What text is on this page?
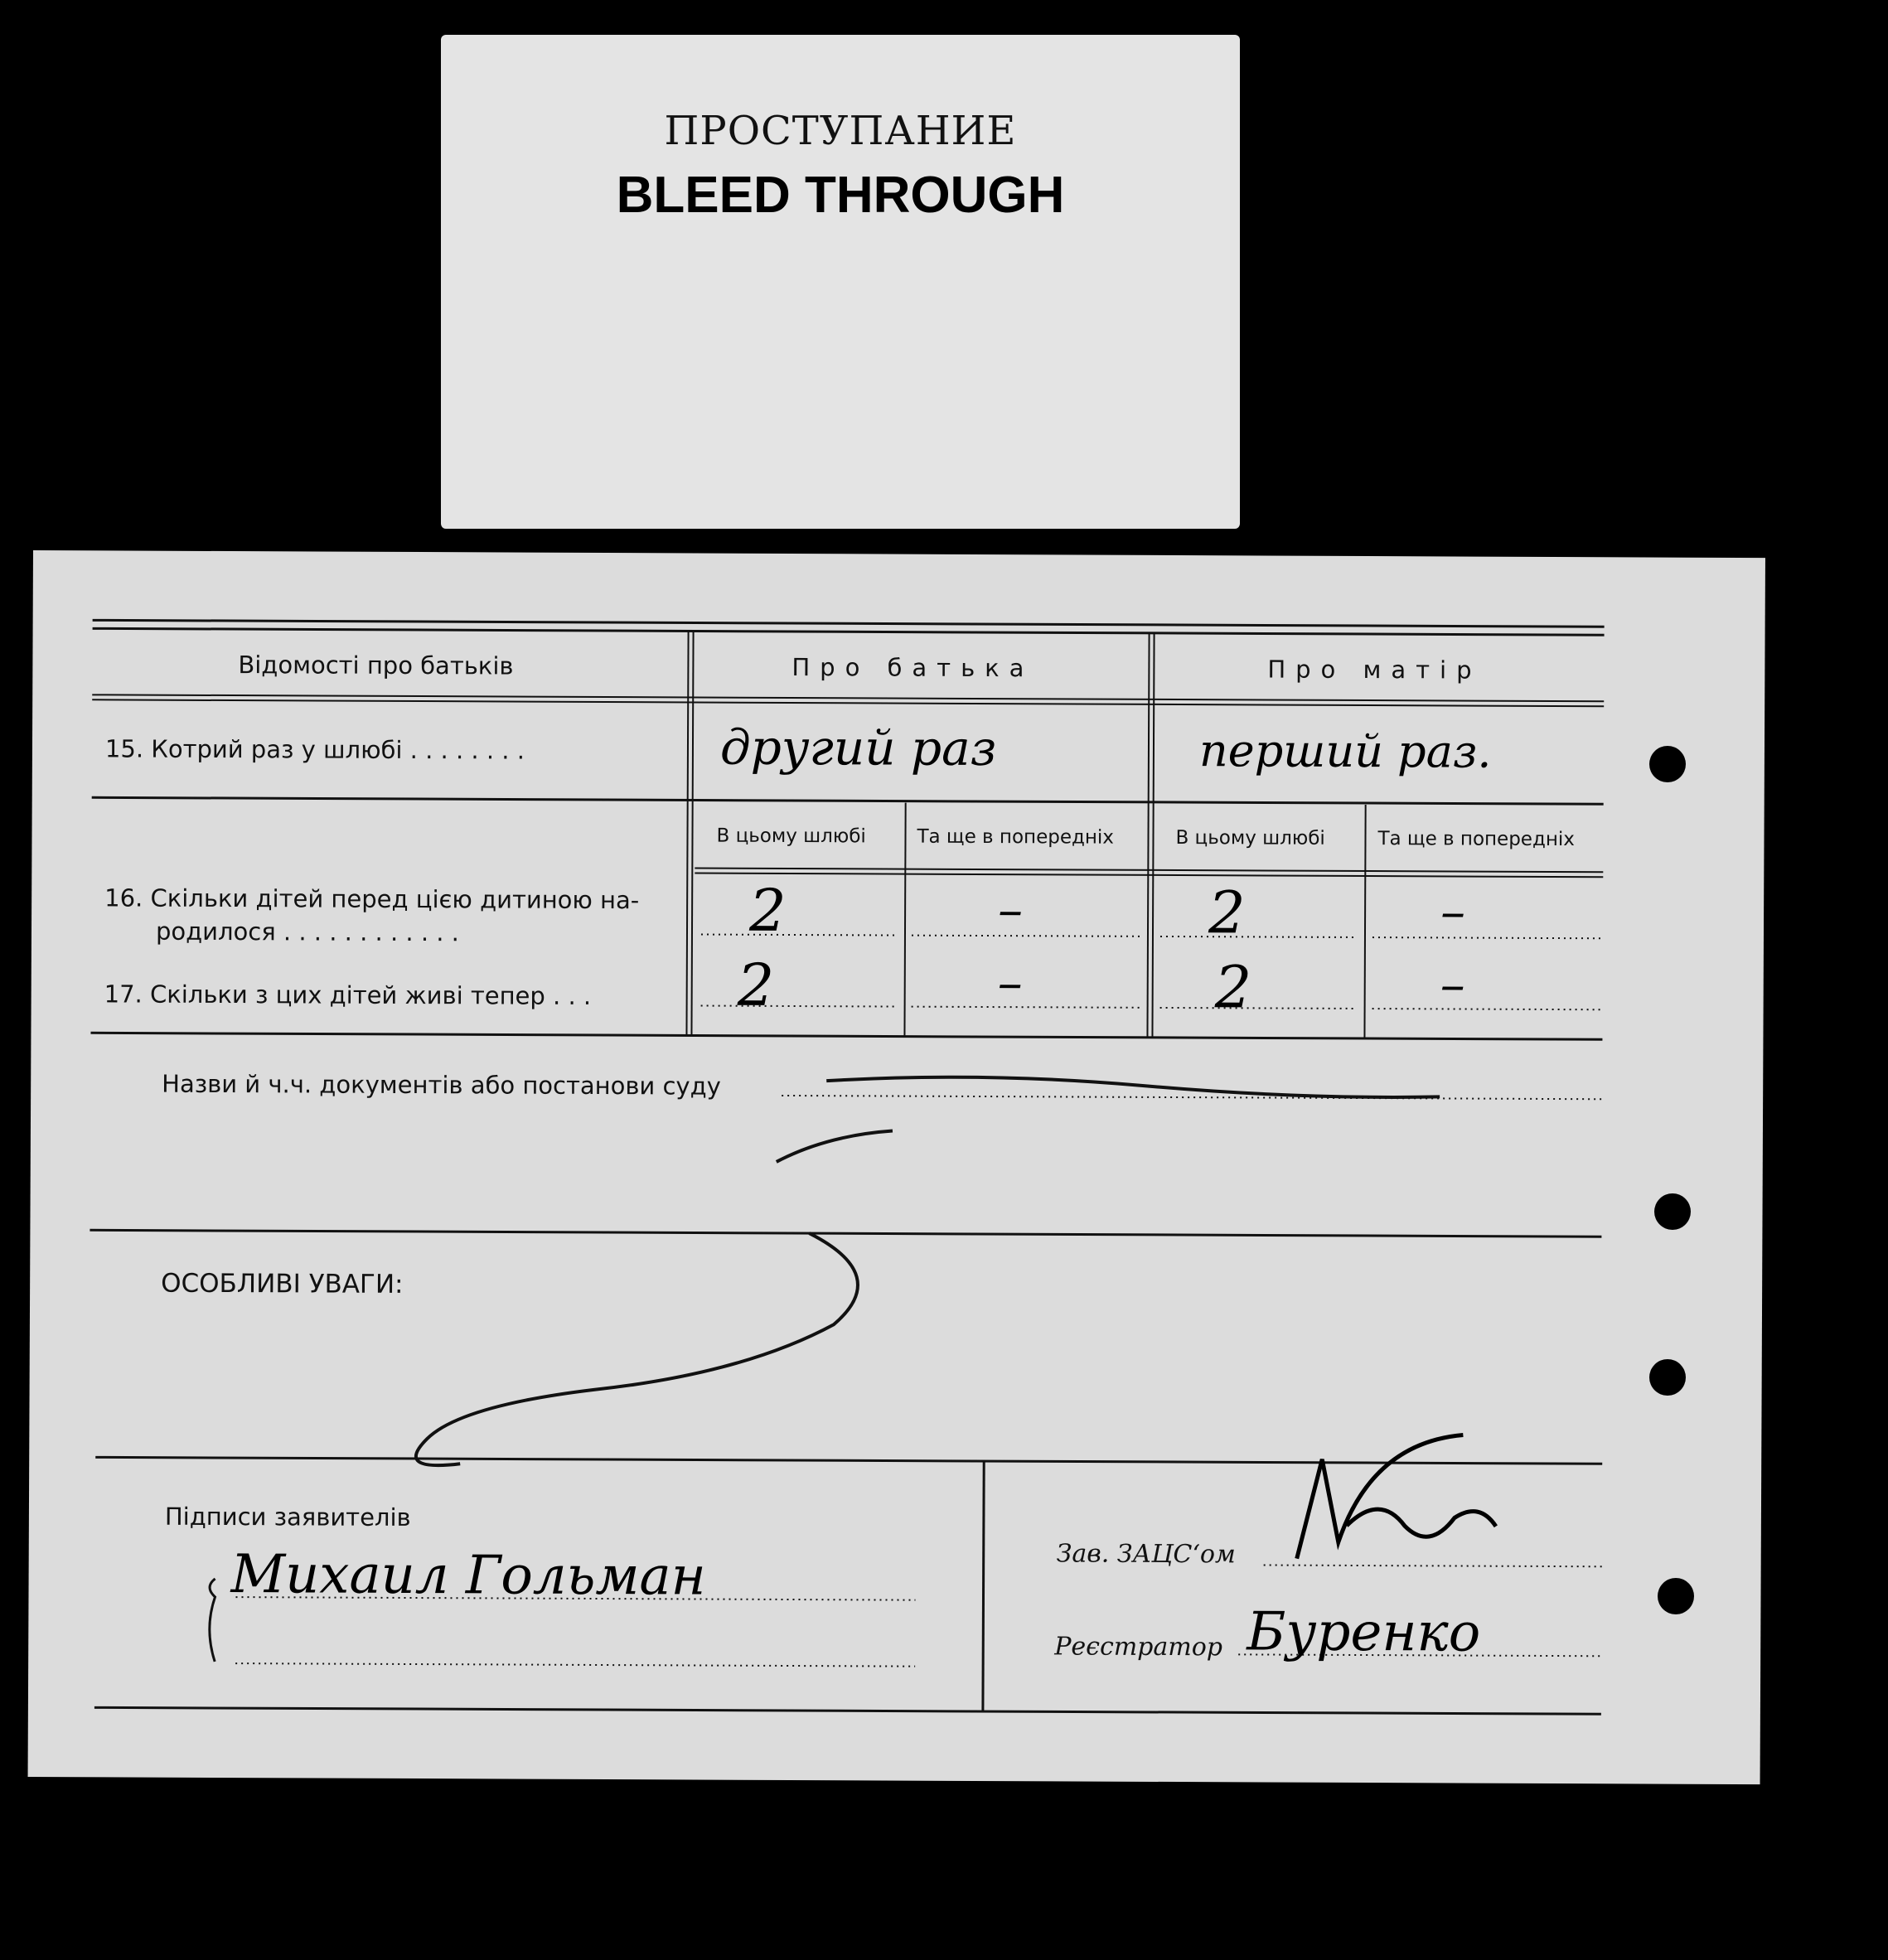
ПРОСТУПАНИЕ
BLEED THROUGH
Відомості про батьків	Про батька	Про матір
15. Котрий раз у шлюбі . . . . . . . .	другий раз	перший раз.
В цьому шлюбі	Та ще в попередніх	В цьому шлюбі	Та ще в попередніх
16. Скільки дітей перед цією дитиною на-
родилося . . . . . . . . . . . .	2	–	2	–
17. Скільки з цих дітей живі тепер . . .	2	–	2	–
Назви й ч.ч. документів або постанови суду
ОСОБЛИВІ УВАГИ:
Підписи заявителів
Михаил Гольман	Зав. ЗАЦС‘ом
Реєстратор Буренко
